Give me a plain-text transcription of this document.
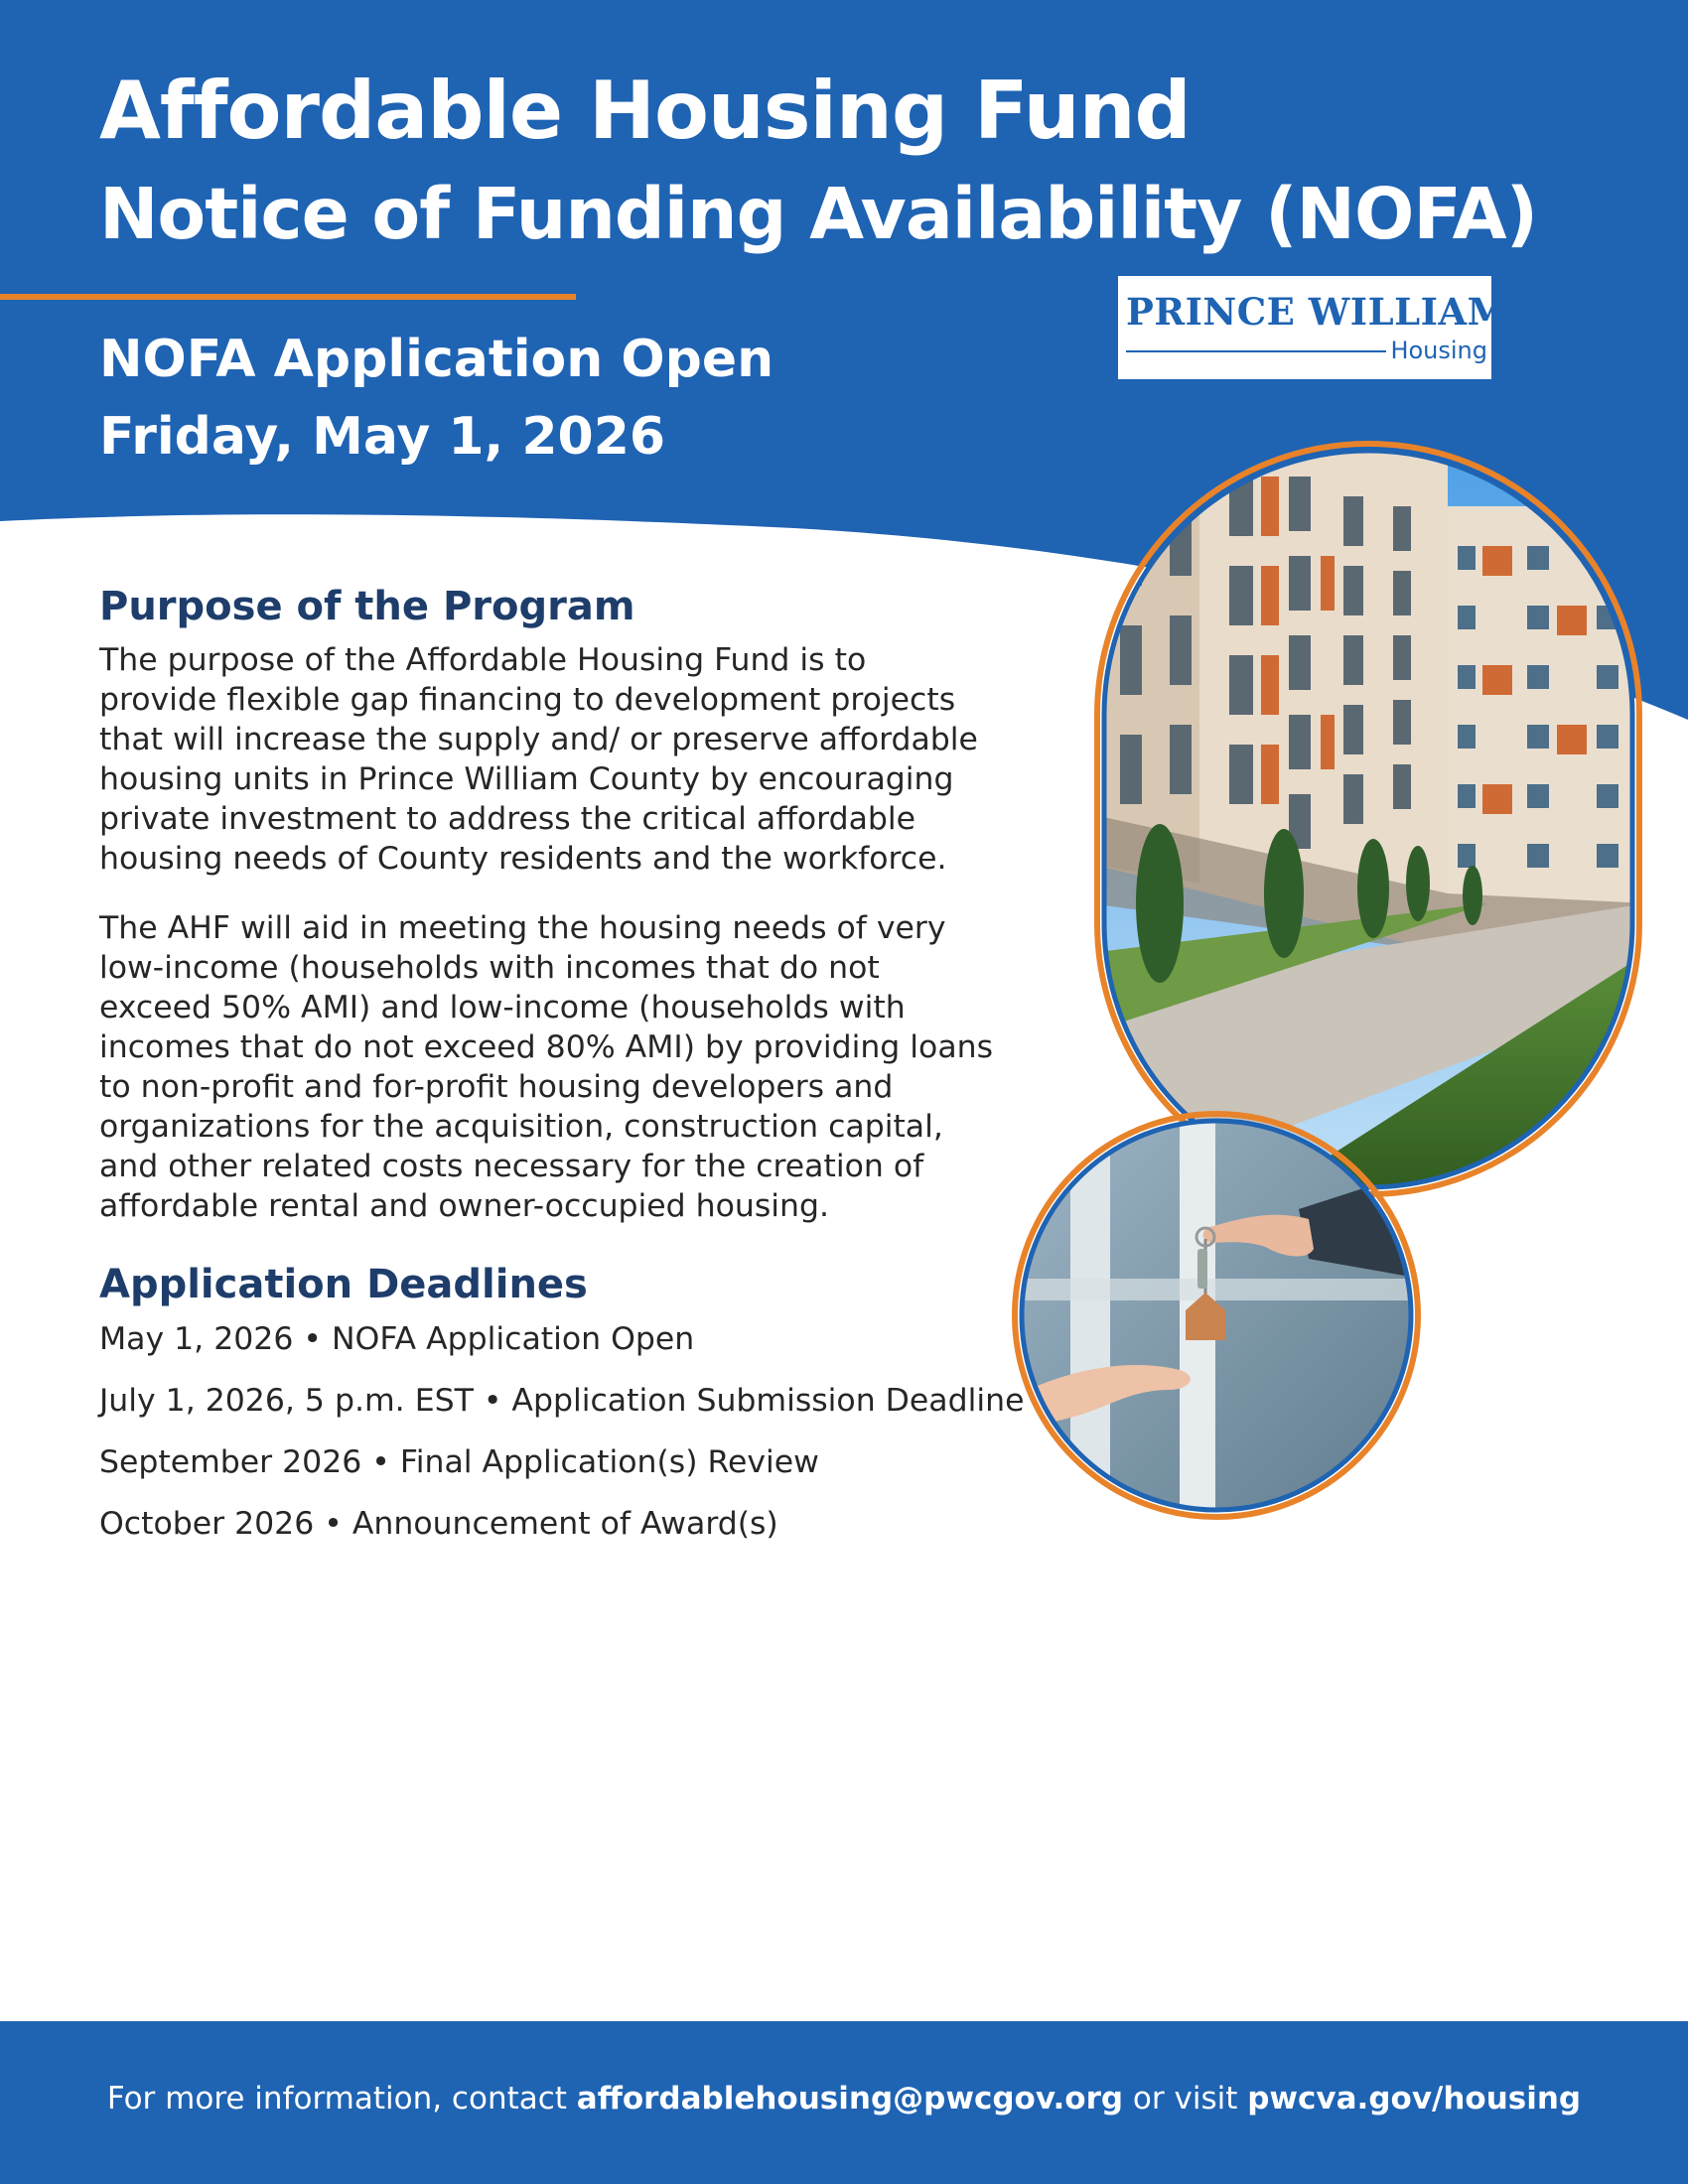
Affordable Housing Fund
Notice of Funding Availability (NOFA)
NOFA Application Open
Friday, May 1, 2026
PRINCE WILLIAM
Housing
Purpose of the Program

The purpose of the Affordable Housing Fund is to provide flexible gap financing to development projects that will increase the supply and/ or preserve affordable housing units in Prince William County by encouraging private investment to address the critical affordable housing needs of County residents and the workforce.

The AHF will aid in meeting the housing needs of very low-income (households with incomes that do not exceed 50% AMI) and low-income (households with incomes that do not exceed 80% AMI) by providing loans to non-profit and for-profit housing developers and organizations for the acquisition, construction capital, and other related costs necessary for the creation of affordable rental and owner-occupied housing.

Application Deadlines

May 1, 2026 • NOFA Application Open

July 1, 2026, 5 p.m. EST • Application Submission Deadline

September 2026 • Final Application(s) Review

October 2026 • Announcement of Award(s)

For more information, contact affordablehousing@pwcgov.org or visit pwcva.gov/housing
